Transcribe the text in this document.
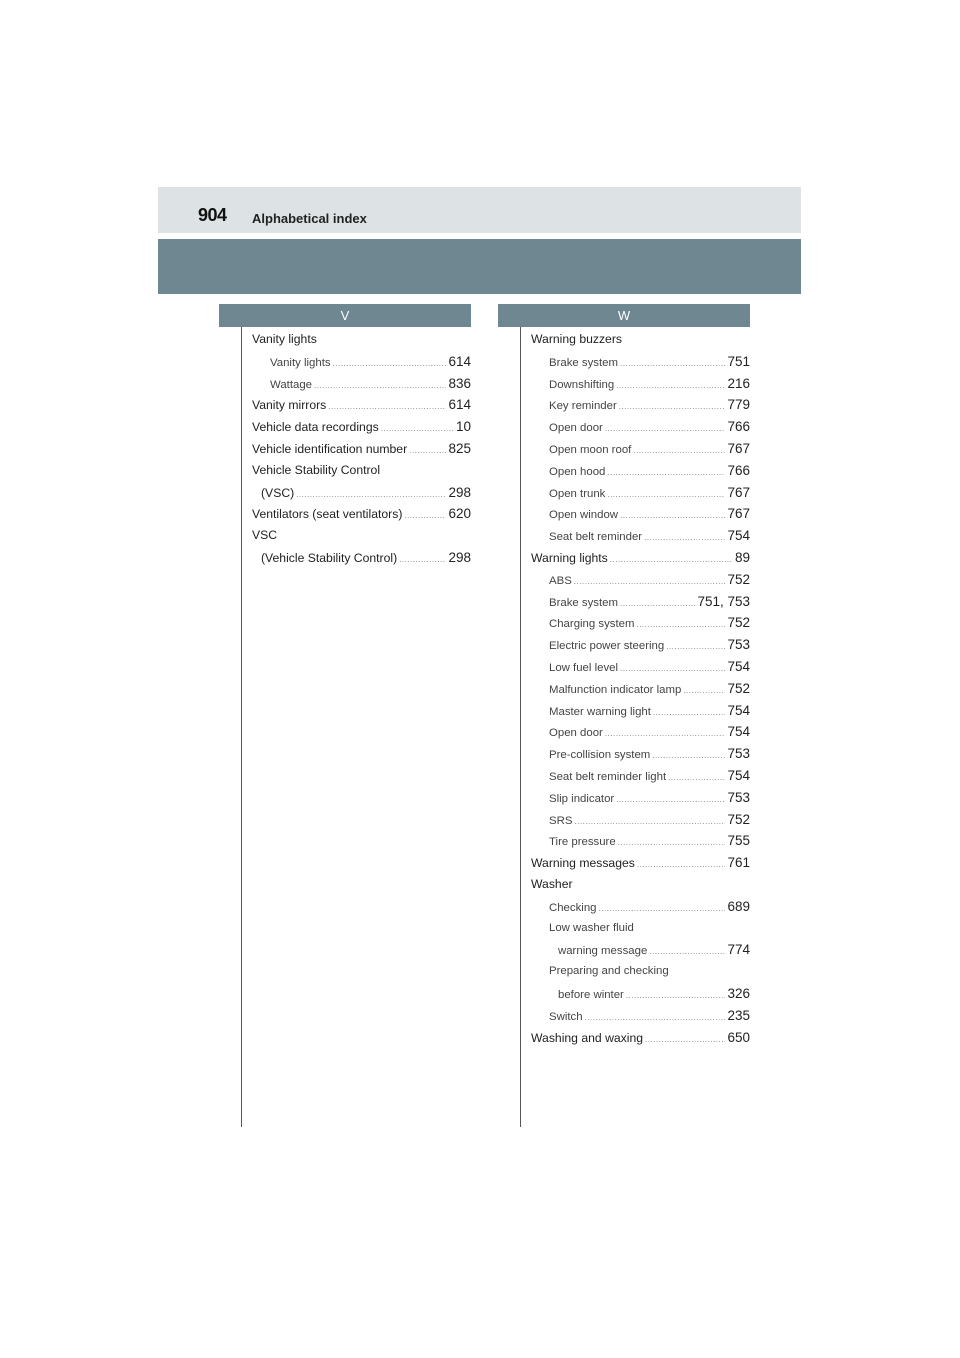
904 Alphabetical index
V	W
Vanity lights
Vanity lights .....	614
Wattage .....	836
Vanity mirrors .....	614
Vehicle data recordings .....	10
Vehicle identification number .....	825
Vehicle Stability Control
(VSC) .....	298
Ventilators (seat ventilators) .....	620
VSC
(Vehicle Stability Control) .....	298
Warning buzzers
Brake system .....	751
Downshifting .....	216
Key reminder .....	779
Open door .....	766
Open moon roof .....	767
Open hood .....	766
Open trunk .....	767
Open window .....	767
Seat belt reminder .....	754
Warning lights .....	89
ABS .....	752
Brake system .....	751, 753
Charging system .....	752
Electric power steering .....	753
Low fuel level .....	754
Malfunction indicator lamp .....	752
Master warning light .....	754
Open door .....	754
Pre-collision system .....	753
Seat belt reminder light .....	754
Slip indicator .....	753
SRS .....	752
Tire pressure .....	755
Warning messages .....	761
Washer
Checking .....	689
Low washer fluid
warning message .....	774
Preparing and checking
before winter .....	326
Switch .....	235
Washing and waxing .....	650
